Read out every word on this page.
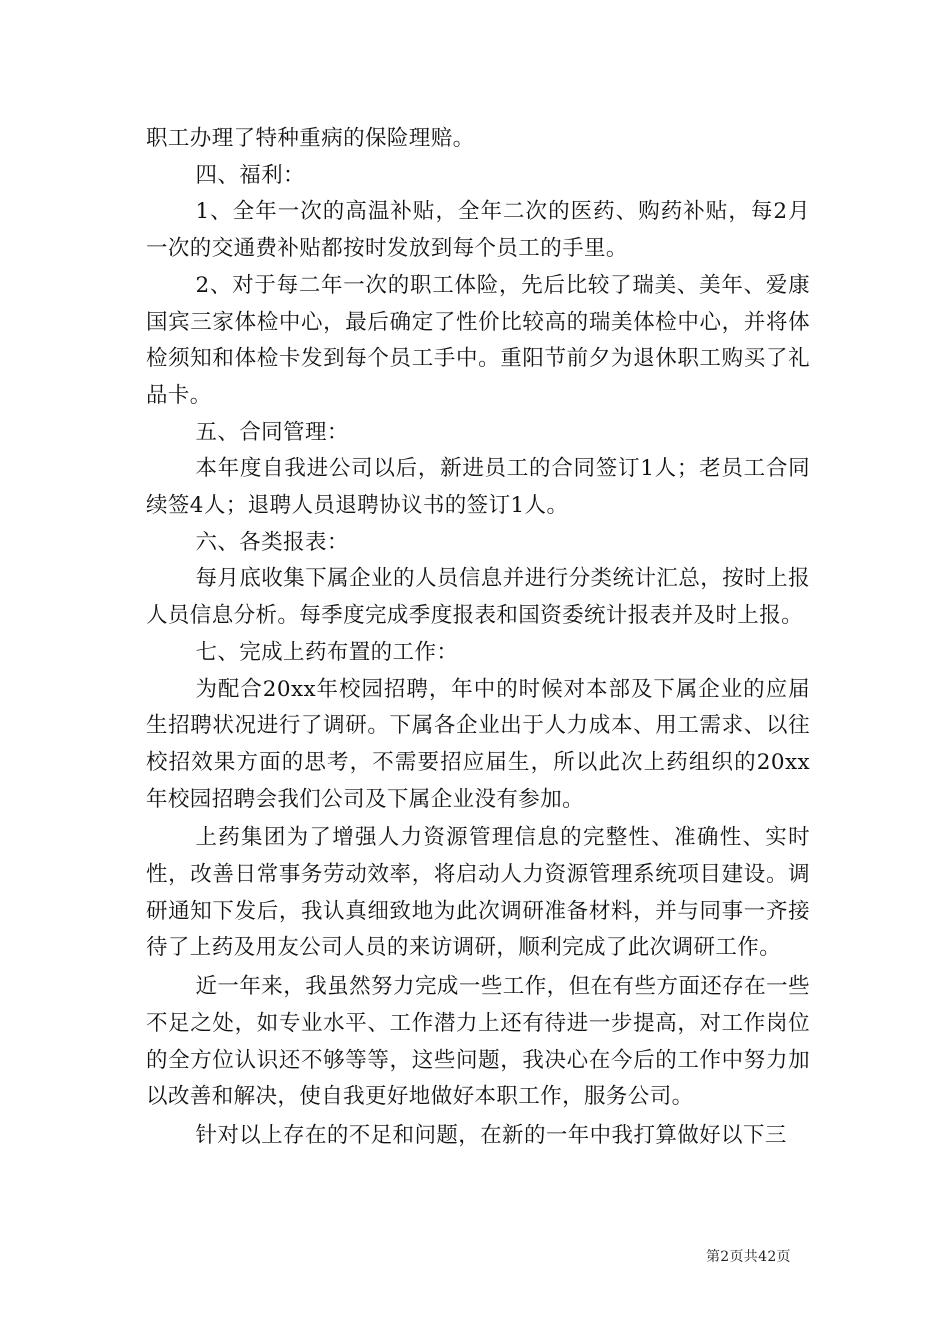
职工办理了特种重病的保险理赔。

四、福利：

1、全年一次的高温补贴，全年二次的医药、购药补贴，每2月一次的交通费补贴都按时发放到每个员工的手里。

2、对于每二年一次的职工体险，先后比较了瑞美、美年、爱康国宾三家体检中心，最后确定了性价比较高的瑞美体检中心，并将体检须知和体检卡发到每个员工手中。重阳节前夕为退休职工购买了礼品卡。

五、合同管理：

本年度自我进公司以后，新进员工的合同签订1人；老员工合同续签4人；退聘人员退聘协议书的签订1人。

六、各类报表：

每月底收集下属企业的人员信息并进行分类统计汇总，按时上报人员信息分析。每季度完成季度报表和国资委统计报表并及时上报。

七、完成上药布置的工作：

为配合20xx年校园招聘，年中的时候对本部及下属企业的应届生招聘状况进行了调研。下属各企业出于人力成本、用工需求、以往校招效果方面的思考，不需要招应届生，所以此次上药组织的20xx年校园招聘会我们公司及下属企业没有参加。

上药集团为了增强人力资源管理信息的完整性、准确性、实时性，改善日常事务劳动效率，将启动人力资源管理系统项目建设。调研通知下发后，我认真细致地为此次调研准备材料，并与同事一齐接待了上药及用友公司人员的来访调研，顺利完成了此次调研工作。

近一年来，我虽然努力完成一些工作，但在有些方面还存在一些不足之处，如专业水平、工作潜力上还有待进一步提高，对工作岗位的全方位认识还不够等等，这些问题，我决心在今后的工作中努力加以改善和解决，使自我更好地做好本职工作，服务公司。

针对以上存在的不足和问题，在新的一年中我打算做好以下三

第2页共42页
